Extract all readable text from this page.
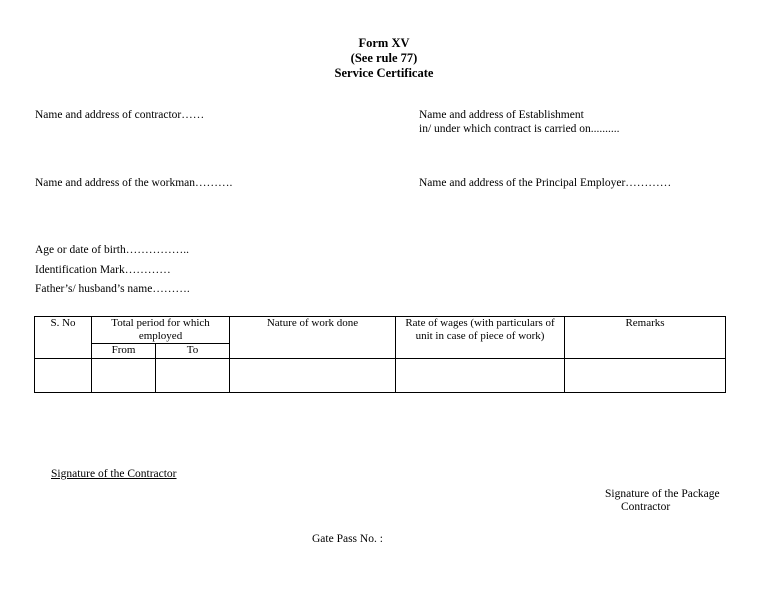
Form XV
(See rule 77)
Service Certificate
Name and address of contractor……	Name and address of Establishment
in/ under which contract is carried on..........
Name and address of the workman……….	Name and address of the Principal Employer…………
Age or date of birth……………..
Identification Mark…………
Father’s/ husband’s name……….
S. No	Total period for which employed		Nature of work done	Rate of wages (with particulars of unit in case of piece of work)	Remarks
	From	To			

Signature of the Contractor
Signature of the Package
Contractor
Gate Pass No. :
